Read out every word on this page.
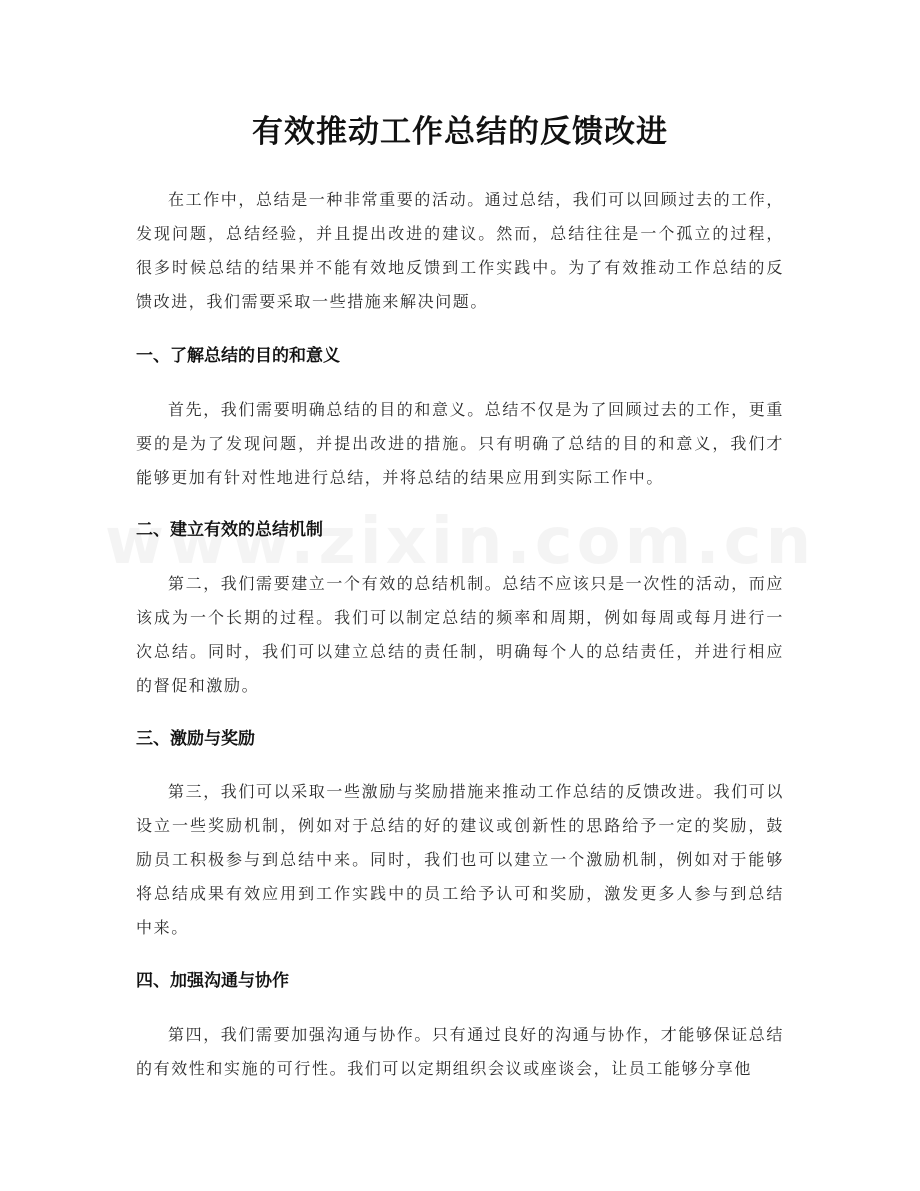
有效推动工作总结的反馈改进

在工作中，总结是一种非常重要的活动。通过总结，我们可以回顾过去的工作，发现问题，总结经验，并且提出改进的建议。然而，总结往往是一个孤立的过程，很多时候总结的结果并不能有效地反馈到工作实践中。为了有效推动工作总结的反馈改进，我们需要采取一些措施来解决问题。

一、了解总结的目的和意义

首先，我们需要明确总结的目的和意义。总结不仅是为了回顾过去的工作，更重要的是为了发现问题，并提出改进的措施。只有明确了总结的目的和意义，我们才能够更加有针对性地进行总结，并将总结的结果应用到实际工作中。

二、建立有效的总结机制

第二，我们需要建立一个有效的总结机制。总结不应该只是一次性的活动，而应该成为一个长期的过程。我们可以制定总结的频率和周期，例如每周或每月进行一次总结。同时，我们可以建立总结的责任制，明确每个人的总结责任，并进行相应的督促和激励。

三、激励与奖励

第三，我们可以采取一些激励与奖励措施来推动工作总结的反馈改进。我们可以设立一些奖励机制，例如对于总结的好的建议或创新性的思路给予一定的奖励，鼓励员工积极参与到总结中来。同时，我们也可以建立一个激励机制，例如对于能够将总结成果有效应用到工作实践中的员工给予认可和奖励，激发更多人参与到总结中来。

四、加强沟通与协作

第四，我们需要加强沟通与协作。只有通过良好的沟通与协作，才能够保证总结的有效性和实施的可行性。我们可以定期组织会议或座谈会，让员工能够分享他
